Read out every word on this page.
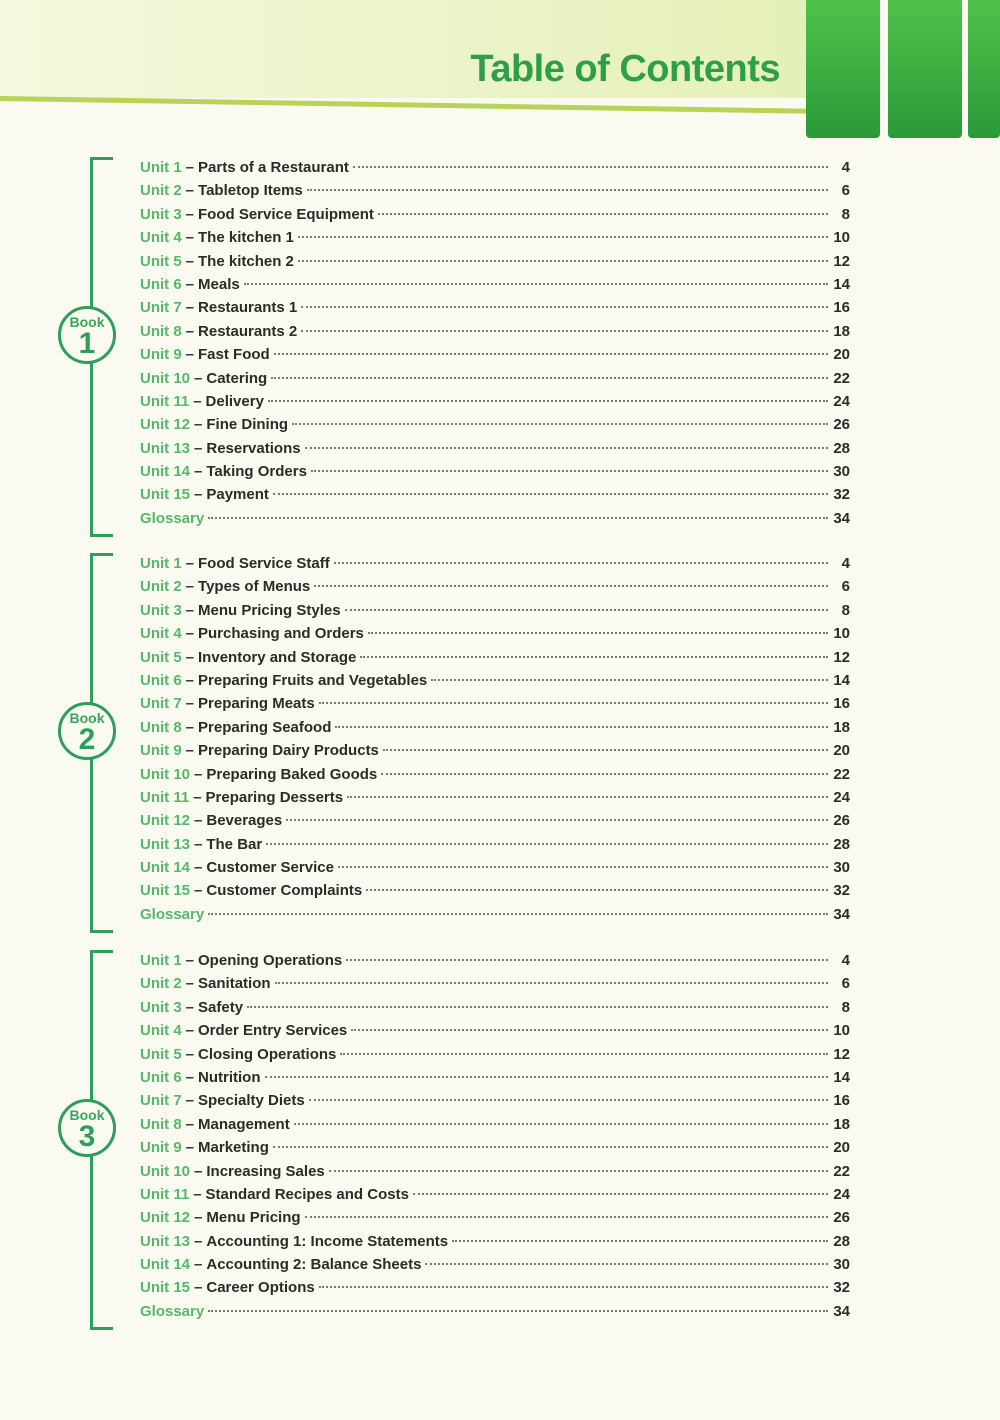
Table of Contents
Book
1
Unit 1 – Parts of a Restaurant	4
Unit 2 – Tabletop Items	6
Unit 3 – Food Service Equipment	8
Unit 4 – The kitchen 1	10
Unit 5 – The kitchen 2	12
Unit 6 – Meals	14
Unit 7 – Restaurants 1	16
Unit 8 – Restaurants 2	18
Unit 9 – Fast Food	20
Unit 10 – Catering	22
Unit 11 – Delivery	24
Unit 12 – Fine Dining	26
Unit 13 – Reservations	28
Unit 14 – Taking Orders	30
Unit 15 – Payment	32
Glossary	34
Book
2
Unit 1 – Food Service Staff	4
Unit 2 – Types of Menus	6
Unit 3 – Menu Pricing Styles	8
Unit 4 – Purchasing and Orders	10
Unit 5 – Inventory and Storage	12
Unit 6 – Preparing Fruits and Vegetables	14
Unit 7 – Preparing Meats	16
Unit 8 – Preparing Seafood	18
Unit 9 – Preparing Dairy Products	20
Unit 10 – Preparing Baked Goods	22
Unit 11 – Preparing Desserts	24
Unit 12 – Beverages	26
Unit 13 – The Bar	28
Unit 14 – Customer Service	30
Unit 15 – Customer Complaints	32
Glossary	34
Book
3
Unit 1 – Opening Operations	4
Unit 2 – Sanitation	6
Unit 3 – Safety	8
Unit 4 – Order Entry Services	10
Unit 5 – Closing Operations	12
Unit 6 – Nutrition	14
Unit 7 – Specialty Diets	16
Unit 8 – Management	18
Unit 9 – Marketing	20
Unit 10 – Increasing Sales	22
Unit 11 – Standard Recipes and Costs	24
Unit 12 – Menu Pricing	26
Unit 13 – Accounting 1: Income Statements	28
Unit 14 – Accounting 2: Balance Sheets	30
Unit 15 – Career Options	32
Glossary	34
